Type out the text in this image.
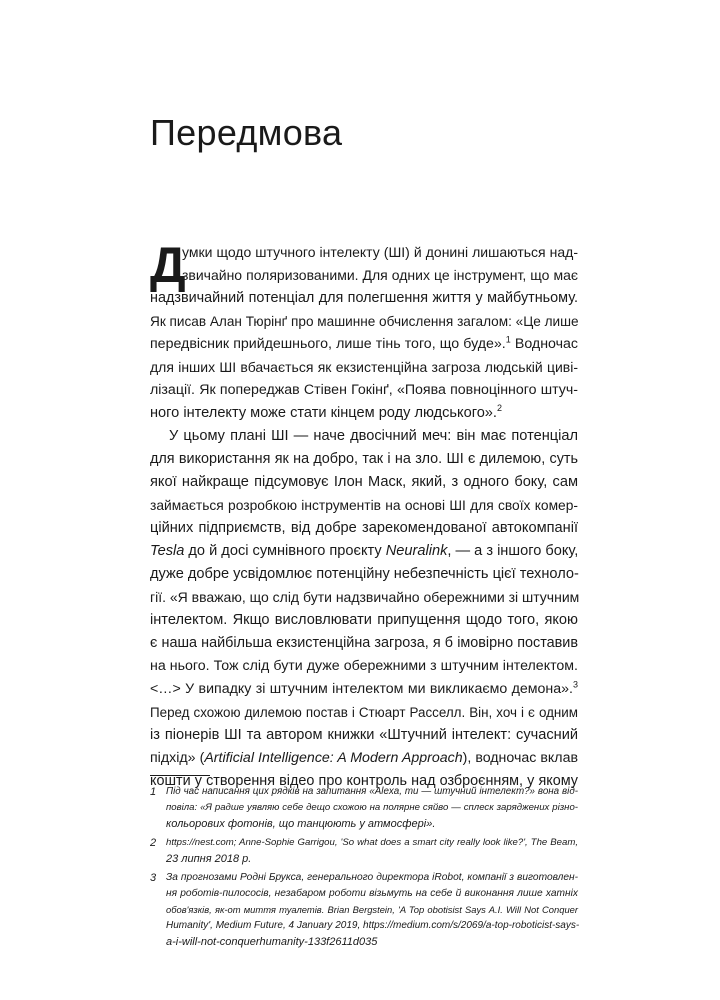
Передмова
Д
умки щодо штучного інтелекту (ШІ) й донині лишаються над-
звичайно поляризованими. Для одних це інструмент, що має
надзвичайний потенціал для полегшення життя у майбутньому.
Як писав Алан Тюрінґ про машинне обчислення загалом: «Це лише
передвісник прийдешнього, лише тінь того, що буде».$^1$ Водночас
для інших ШІ вбачається як екзистенційна загроза людській циві-
лізації. Як попереджав Стівен Гокінґ, «Поява повноцінного штуч-
ного інтелекту може стати кінцем роду людського».$^2$
У цьому плані ШІ — наче двосічний меч: він має потенціал
для використання як на добро, так і на зло. ШІ є дилемою, суть
якої найкраще підсумовує Ілон Маск, який, з одного боку, сам
займається розробкою інструментів на основі ШІ для своїх комер-
ційних підприємств, від добре зарекомендованої автокомпанії
Tesla до й досі сумнівного проєкту Neuralink, — а з іншого боку,
дуже добре усвідомлює потенційну небезпечність цієї техноло-
гії. «Я вважаю, що слід бути надзвичайно обережними зі штучним
інтелектом. Якщо висловлювати припущення щодо того, якою
є наша найбільша екзистенційна загроза, я б імовірно поставив
на нього. Тож слід бути дуже обережними з штучним інтелектом.
<…> У випадку зі штучним інтелектом ми викликаємо демона».$^3$
Перед схожою дилемою постав і Стюарт Расселл. Він, хоч і є одним
із піонерів ШІ та автором книжки «Штучний інтелект: сучасний
підхід» (Artificial Intelligence: A Modern Approach), водночас вклав
кошти у створення відео про контроль над озброєнням, у якому
1 Під час написання цих рядків на запитання «Alexa, ти — штучний інтелект?» вона від-
повіла: «Я радше уявляю себе дещо схожою на полярне сяйво — сплеск заряджених різно-
кольорових фотонів, що танцюють у атмосфері».
2 https://nest.com; Anne-Sophie Garrigou, 'So what does a smart city really look like?', The Beam,
23 липня 2018 р.
3 За прогнозами Родні Брукса, генерального директора iRobot, компанії з виготовлен-
ня роботів-пилососів, незабаром роботи візьмуть на себе й виконання лише хатніх
обов'язків, як-от миття туалетів. Brian Bergstein, 'A Top obotisist Says A.I. Will Not Conquer
Humanity', Medium Future, 4 January 2019, https://medium.com/s/2069/a-top-roboticist-says-
a-i-will-not-conquerhumanity-133f2611d035
